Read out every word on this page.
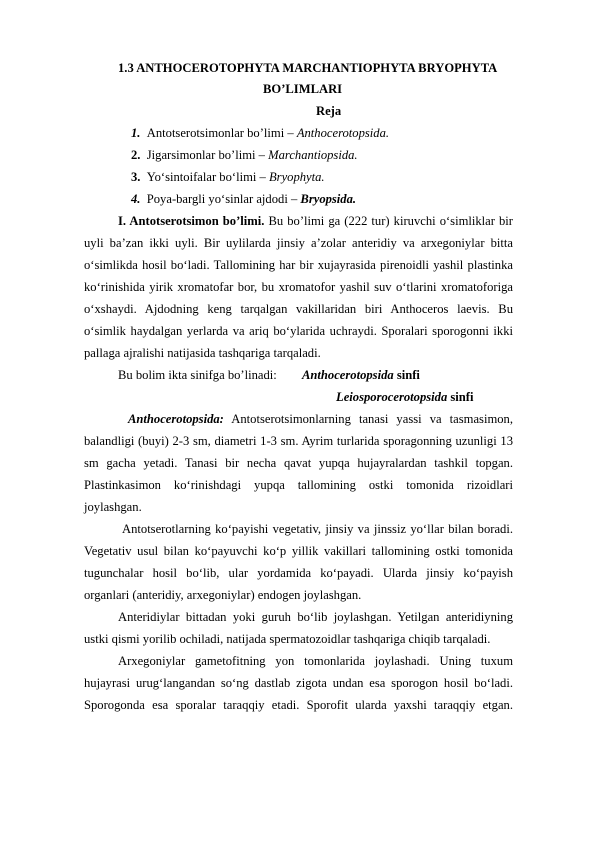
1.3 ANTHOCEROTOPHYTA MARCHANTIOPHYTA BRYOPHYTA
BO’LIMLARI
Reja
1. Antotserotsimonlar bo’limi – Anthocerotopsida.
2. Jigarsimonlar bo’limi – Marchantiopsida.
3. Yo‘sintoifalar bo‘limi – Bryophyta.
4. Poya-bargli yo‘sinlar ajdodi – Bryopsida.
I. Antotserotsimon bo’limi. Bu bo’limi ga (222 tur) kiruvchi o‘simliklar bir
uyli ba’zan ikki uyli. Bir uylilarda jinsiy a’zolar anteridiy va arxegoniylar bitta
o‘simlikda hosil bo‘ladi. Tallomining har bir xujayrasida pirenoidli yashil plastinka
ko‘rinishida yirik xromatofar bor, bu xromatofor yashil suv o‘tlarini xromatoforiga
o‘xshaydi. Ajdodning keng tarqalgan vakillaridan biri Anthoceros laevis. Bu
o‘simlik haydalgan yerlarda va ariq bo‘ylarida uchraydi. Sporalari sporogonni ikki
pallaga ajralishi natijasida tashqariga tarqaladi.
Bu bolim ikta sinifga bo’linadi: Anthocerotopsida sinfi
Leiosporocerotopsida sinfi
Anthocerotopsida: Antotserotsimonlarning tanasi yassi va tasmasimon,
balandligi (buyi) 2-3 sm, diametri 1-3 sm. Ayrim turlarida sporagonning uzunligi 13
sm gacha yetadi. Tanasi bir necha qavat yupqa hujayralardan tashkil topgan.
Plastinkasimon ko‘rinishdagi yupqa tallomining ostki tomonida rizoidlari
joylashgan.
Antotserotlarning ko‘payishi vegetativ, jinsiy va jinssiz yo‘llar bilan boradi.
Vegetativ usul bilan ko‘payuvchi ko‘p yillik vakillari tallomining ostki tomonida
tugunchalar hosil bo‘lib, ular yordamida ko‘payadi. Ularda jinsiy ko‘payish
organlari (anteridiy, arxegoniylar) endogen joylashgan.
Anteridiylar bittadan yoki guruh bo‘lib joylashgan. Yetilgan anteridiyning
ustki qismi yorilib ochiladi, natijada spermatozoidlar tashqariga chiqib tarqaladi.
Arxegoniylar gametofitning yon tomonlarida joylashadi. Uning tuxum
hujayrasi urug‘langandan so‘ng dastlab zigota undan esa sporogon hosil bo‘ladi.
Sporogonda esa sporalar taraqqiy etadi. Sporofit ularda yaxshi taraqqiy etgan.
